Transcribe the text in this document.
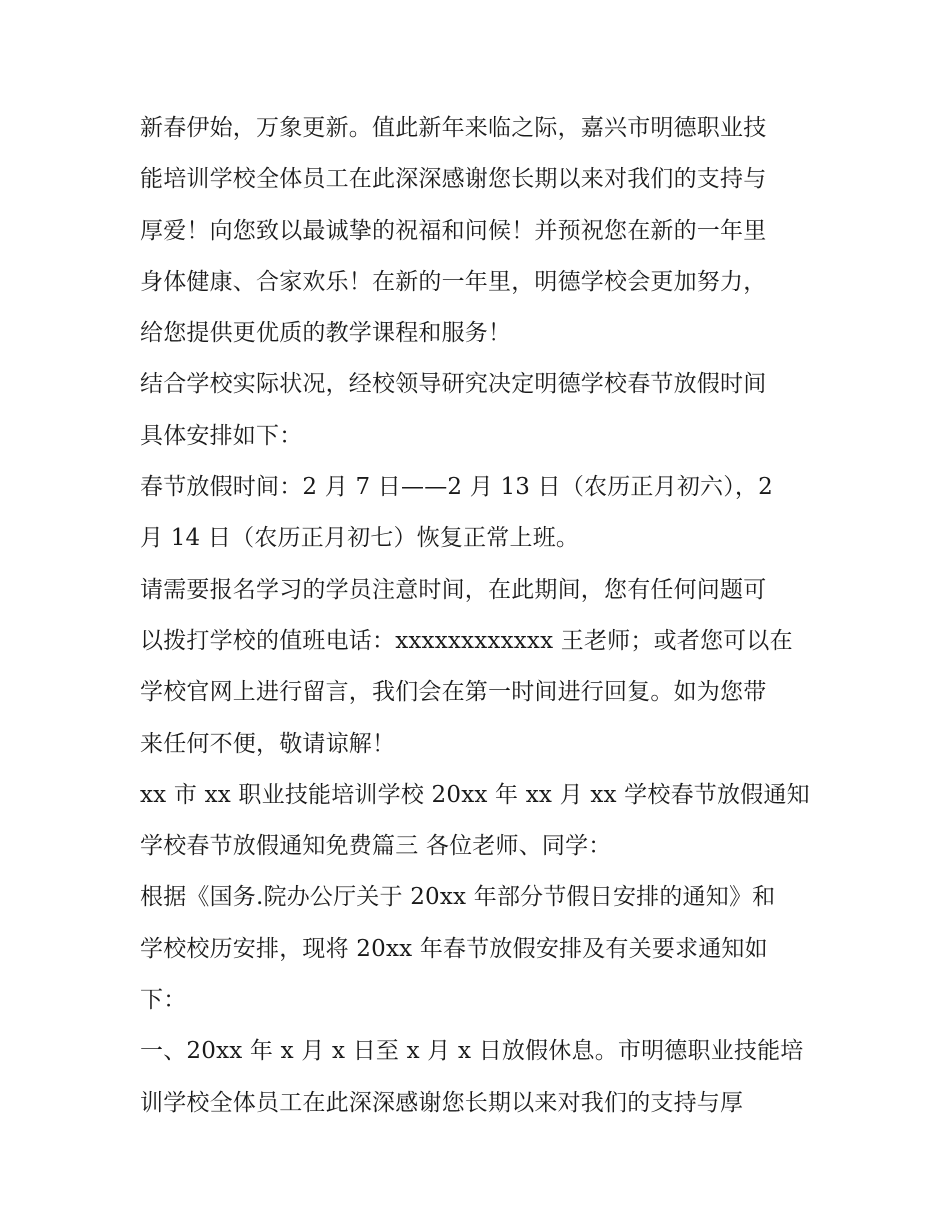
新春伊始，万象更新。值此新年来临之际，嘉兴市明德职业技
能培训学校全体员工在此深深感谢您长期以来对我们的支持与
厚爱！向您致以最诚挚的祝福和问候！并预祝您在新的一年里
身体健康、合家欢乐！在新的一年里，明德学校会更加努力，
给您提供更优质的教学课程和服务！
结合学校实际状况，经校领导研究决定明德学校春节放假时间
具体安排如下：
春节放假时间：2 月 7 日——2 月 13 日（农历正月初六），2
月 14 日（农历正月初七）恢复正常上班。
请需要报名学习的学员注意时间，在此期间，您有任何问题可
以拨打学校的值班电话：xxxxxxxxxxxx 王老师；或者您可以在
学校官网上进行留言，我们会在第一时间进行回复。如为您带
来任何不便，敬请谅解！
xx 市 xx 职业技能培训学校 20xx 年 xx 月 xx 学校春节放假通知
学校春节放假通知免费篇三 各位老师、同学：
根据《国务.院办公厅关于 20xx 年部分节假日安排的通知》和
学校校历安排，现将 20xx 年春节放假安排及有关要求通知如
下：
一、20xx 年 x 月 x 日至 x 月 x 日放假休息。市明德职业技能培
训学校全体员工在此深深感谢您长期以来对我们的支持与厚
